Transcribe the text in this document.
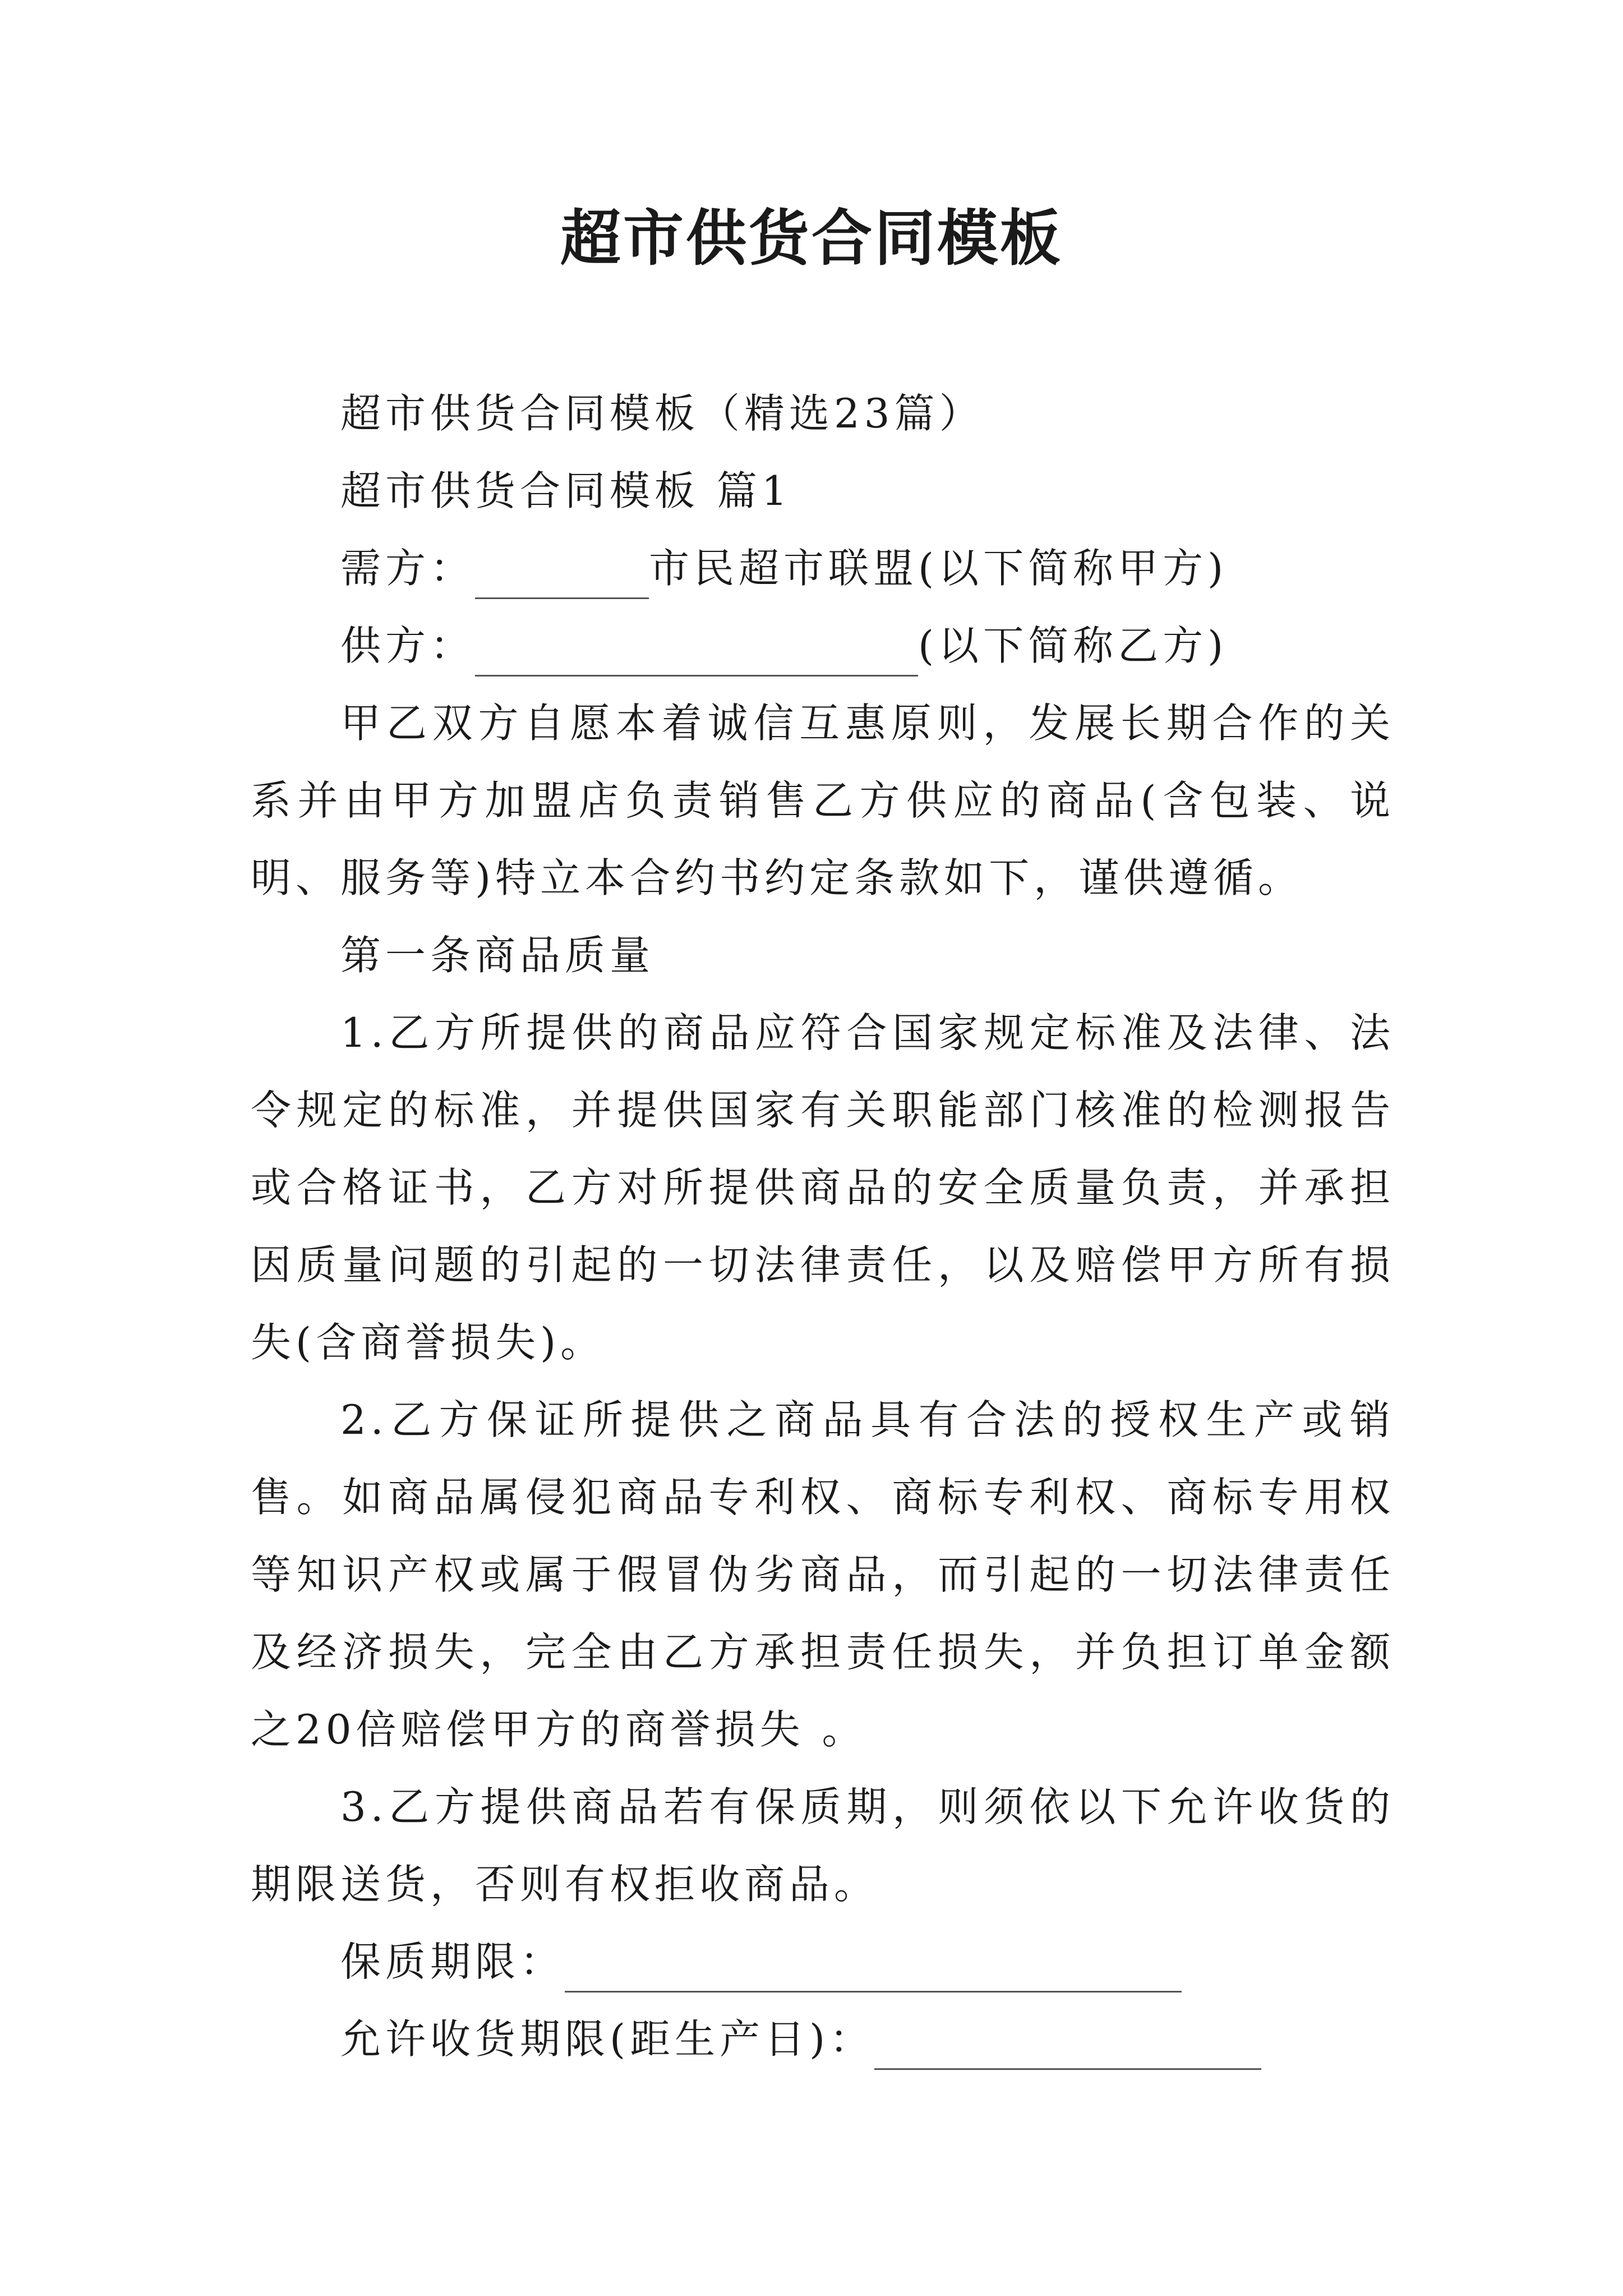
超市供货合同模板

超市供货合同模板（精选23篇）

超市供货合同模板 篇1

需方：	市民超市联盟(以下简称甲方)

供方：	(以下简称乙方)

甲乙双方自愿本着诚信互惠原则，发展长期合作的关系并由甲方加盟店负责销售乙方供应的商品(含包装、说明、服务等)特立本合约书约定条款如下，谨供遵循。

第一条商品质量

1.乙方所提供的商品应符合国家规定标准及法律、法令规定的标准，并提供国家有关职能部门核准的检测报告或合格证书，乙方对所提供商品的安全质量负责，并承担因质量问题的引起的一切法律责任，以及赔偿甲方所有损失(含商誉损失)。

2.乙方保证所提供之商品具有合法的授权生产或销售。如商品属侵犯商品专利权、商标专利权、商标专用权等知识产权或属于假冒伪劣商品，而引起的一切法律责任及经济损失，完全由乙方承担责任损失，并负担订单金额之20倍赔偿甲方的商誉损失 。

3.乙方提供商品若有保质期，则须依以下允许收货的期限送货，否则有权拒收商品。

保质期限：

允许收货期限(距生产日)：
